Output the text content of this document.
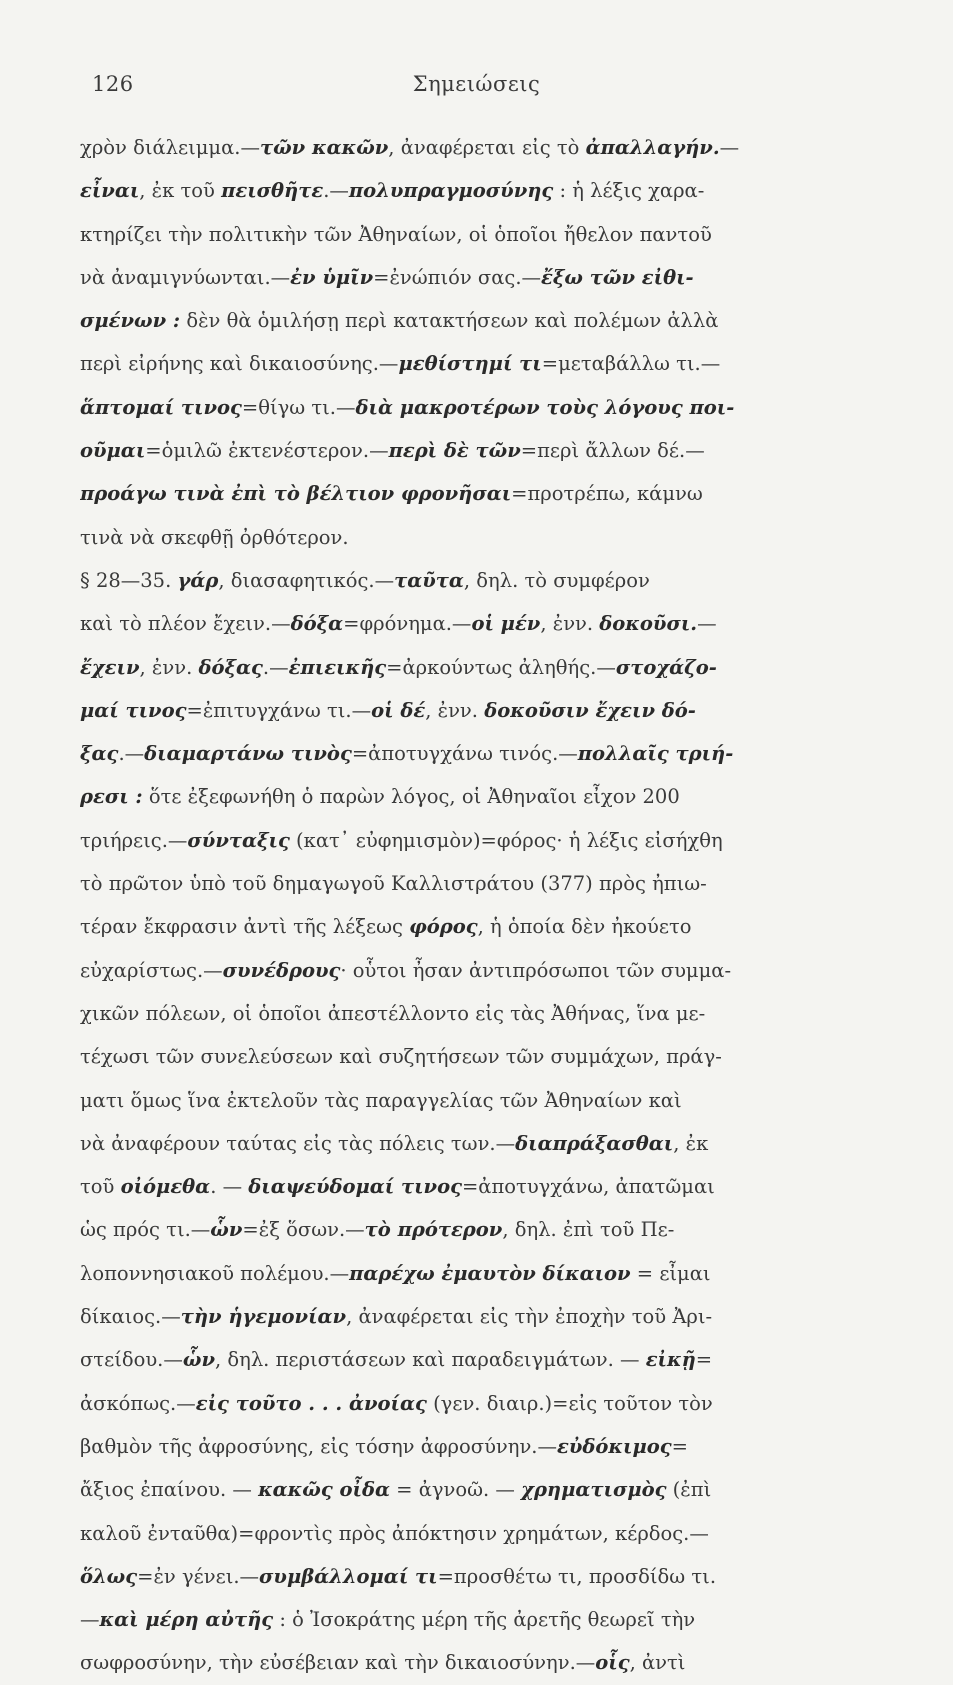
126	Σημειώσεις
χρὸν διάλειμμα.—τῶν κακῶν, ἀναφέρεται εἰς τὸ ἀπαλλαγήν.—
εἶναι, ἐκ τοῦ πεισθῆτε.—πολυπραγμοσύνης : ἡ λέξις χαρα-
κτηρίζει τὴν πολιτικὴν τῶν Ἀθηναίων, οἱ ὁποῖοι ἤθελον παντοῦ
νὰ ἀναμιγνύωνται.—ἐν ὑμῖν=ἐνώπιόν σας.—ἔξω τῶν εἰθι-
σμένων : δὲν θὰ ὁμιλήσῃ περὶ κατακτήσεων καὶ πολέμων ἀλλὰ
περὶ εἰρήνης καὶ δικαιοσύνης.—μεθίστημί τι=μεταβάλλω τι.—
ἅπτομαί τινος=θίγω τι.—διὰ μακροτέρων τοὺς λόγους ποι-
οῦμαι=ὁμιλῶ ἐκτενέστερον.—περὶ δὲ τῶν=περὶ ἄλλων δέ.—
προάγω τινὰ ἐπὶ τὸ βέλτιον φρονῆσαι=προτρέπω, κάμνω
τινὰ νὰ σκεφθῇ ὀρθότερον.
§ 28—35. γάρ, διασαφητικός.—ταῦτα, δηλ. τὸ συμφέρον
καὶ τὸ πλέον ἔχειν.—δόξα=φρόνημα.—οἱ μέν, ἐνν. δοκοῦσι.—
ἔχειν, ἐνν. δόξας.—ἐπιεικῆς=ἀρκούντως ἀληθής.—στοχάζο-
μαί τινος=ἐπιτυγχάνω τι.—οἱ δέ, ἐνν. δοκοῦσιν ἔχειν δό-
ξας.—διαμαρτάνω τινὸς=ἀποτυγχάνω τινός.—πολλαῖς τριή-
ρεσι : ὅτε ἐξεφωνήθη ὁ παρὼν λόγος, οἱ Ἀθηναῖοι εἶχον 200
τριήρεις.—σύνταξις (κατ᾽ εὐφημισμὸν)=φόρος· ἡ λέξις εἰσήχθη
τὸ πρῶτον ὑπὸ τοῦ δημαγωγοῦ Καλλιστράτου (377) πρὸς ἠπιω-
τέραν ἔκφρασιν ἀντὶ τῆς λέξεως φόρος, ἡ ὁποία δὲν ἠκούετο
εὐχαρίστως.—συνέδρους· οὗτοι ἦσαν ἀντιπρόσωποι τῶν συμμα-
χικῶν πόλεων, οἱ ὁποῖοι ἀπεστέλλοντο εἰς τὰς Ἀθήνας, ἵνα με-
τέχωσι τῶν συνελεύσεων καὶ συζητήσεων τῶν συμμάχων, πράγ-
ματι ὅμως ἵνα ἐκτελοῦν τὰς παραγγελίας τῶν Ἀθηναίων καὶ
νὰ ἀναφέρουν ταύτας εἰς τὰς πόλεις των.—διαπράξασθαι, ἐκ
τοῦ οἰόμεθα. — διαψεύδομαί τινος=ἀποτυγχάνω, ἀπατῶμαι
ὡς πρός τι.—ὧν=ἐξ ὅσων.—τὸ πρότερον, δηλ. ἐπὶ τοῦ Πε-
λοποννησιακοῦ πολέμου.—παρέχω ἐμαυτὸν δίκαιον = εἶμαι
δίκαιος.—τὴν ἡγεμονίαν, ἀναφέρεται εἰς τὴν ἐποχὴν τοῦ Ἀρι-
στείδου.—ὧν, δηλ. περιστάσεων καὶ παραδειγμάτων. — εἰκῇ=
ἀσκόπως.—εἰς τοῦτο . . . ἀνοίας (γεν. διαιρ.)=εἰς τοῦτον τὸν
βαθμὸν τῆς ἀφροσύνης, εἰς τόσην ἀφροσύνην.—εὐδόκιμος=
ἄξιος ἐπαίνου. — κακῶς οἶδα = ἀγνοῶ. — χρηματισμὸς (ἐπὶ
καλοῦ ἐνταῦθα)=φροντὶς πρὸς ἀπόκτησιν χρημάτων, κέρδος.—
ὅλως=ἐν γένει.—συμβάλλομαί τι=προσθέτω τι, προσδίδω τι.
—καὶ μέρη αὐτῆς : ὁ Ἰσοκράτης μέρη τῆς ἀρετῆς θεωρεῖ τὴν
σωφροσύνην, τὴν εὐσέβειαν καὶ τὴν δικαιοσύνην.—οἷς, ἀντὶ
